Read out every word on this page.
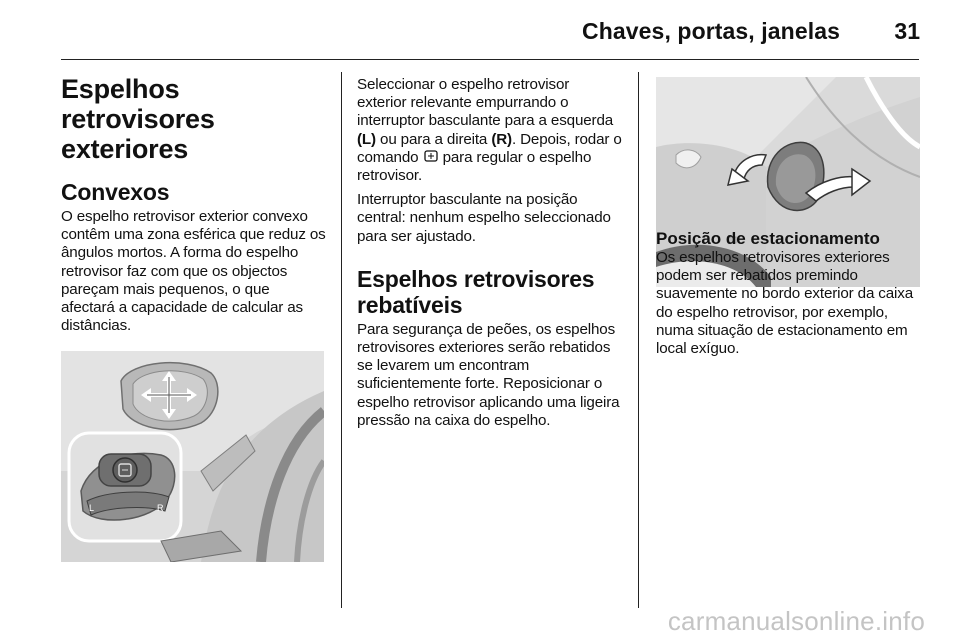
Chaves, portas, janelas	31
Espelhos retrovisores exteriores
Convexos

O espelho retrovisor exterior convexo contêm uma zona esférica que reduz os ângulos mortos. A forma do espelho retrovisor faz com que os objectos pareçam mais pequenos, o que afectará a capacidade de calcular as distâncias.

L	R

Seleccionar o espelho retrovisor exterior relevante empurrando o interruptor basculante para a esquerda (L) ou para a direita (R). Depois, rodar o comando  para regular o espelho retrovisor.

Interruptor basculante na posição central: nenhum espelho seleccionado para ser ajustado.

Espelhos retrovisores rebatíveis

Para segurança de peões, os espelhos retrovisores exteriores serão rebatidos se levarem um encontram suficientemente forte. Reposicionar o espelho retrovisor aplicando uma ligeira pressão na caixa do espelho.

Posição de estacionamento

Os espelhos retrovisores exteriores podem ser rebatidos premindo suavemente no bordo exterior da caixa do espelho retrovisor, por exemplo, numa situação de estacionamento em local exíguo.

carmanualsonline.info
